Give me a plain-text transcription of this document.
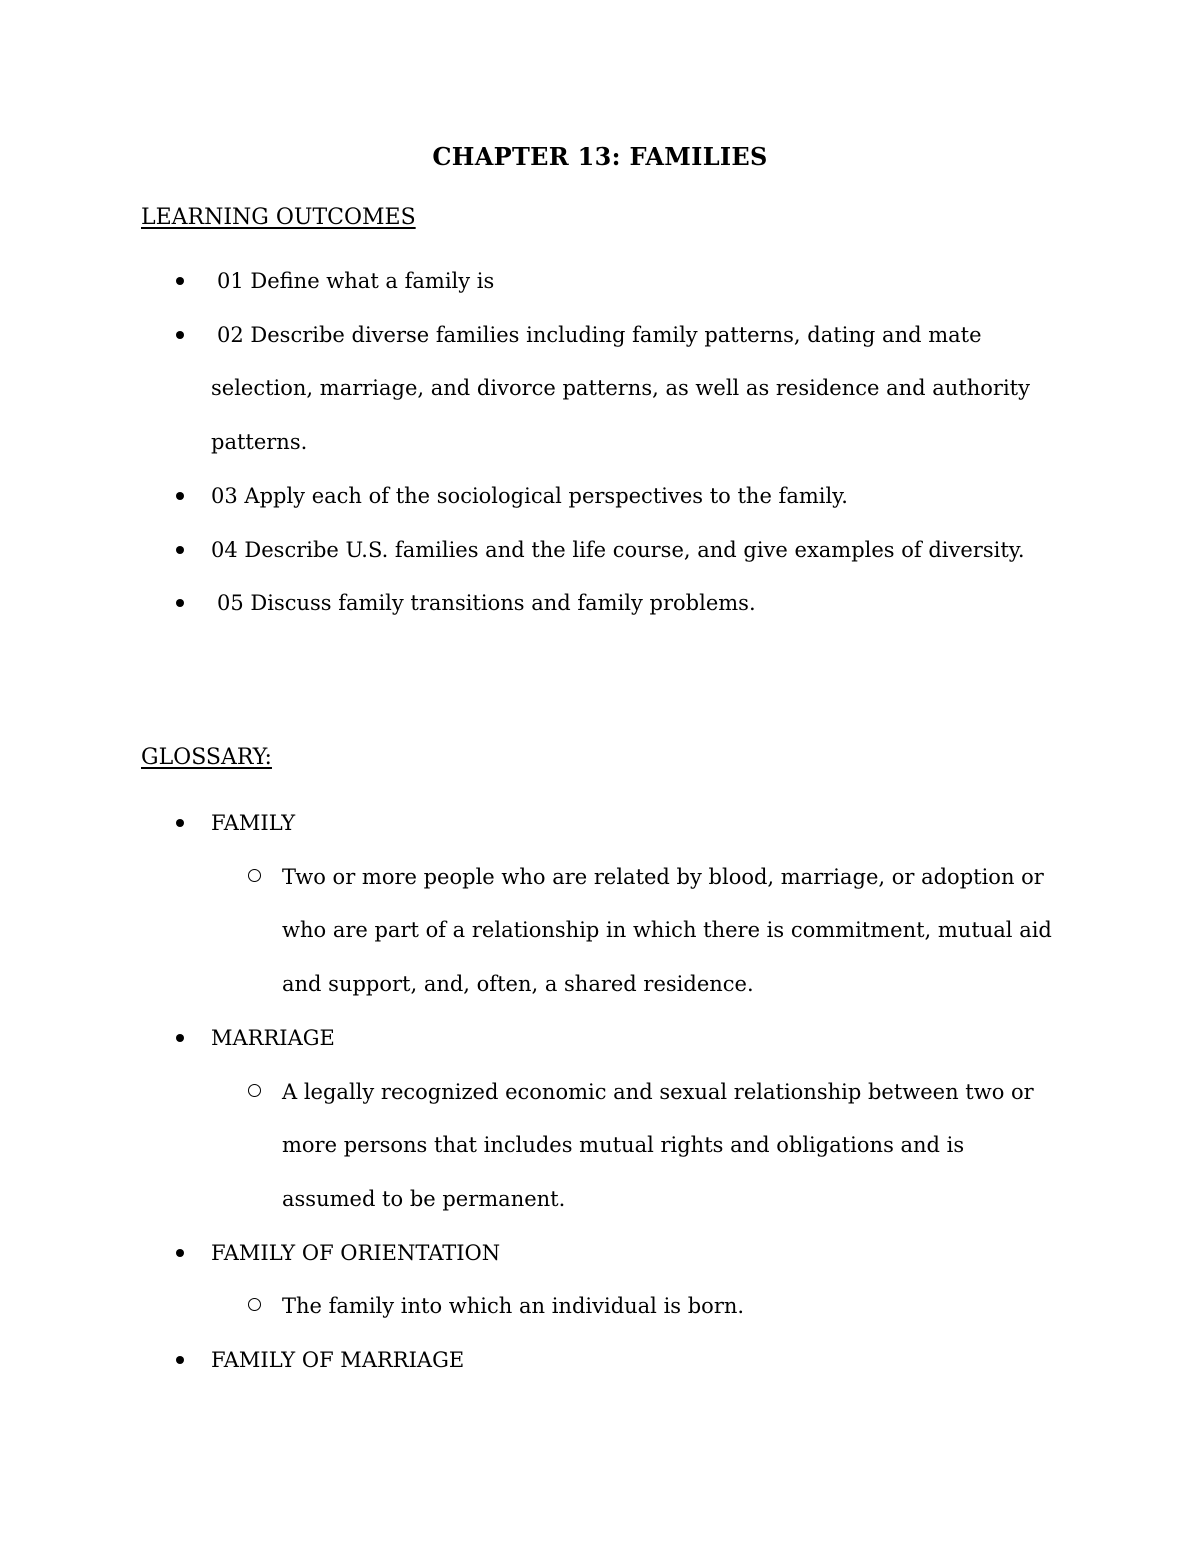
CHAPTER 13: FAMILIES
LEARNING OUTCOMES
01 Define what a family is
02 Describe diverse families including family patterns, dating and mate selection, marriage, and divorce patterns, as well as residence and authority patterns.
03 Apply each of the sociological perspectives to the family.
04 Describe U.S. families and the life course, and give examples of diversity.
05 Discuss family transitions and family problems.
GLOSSARY:
FAMILY
Two or more people who are related by blood, marriage, or adoption or who are part of a relationship in which there is commitment, mutual aid and support, and, often, a shared residence.
MARRIAGE
A legally recognized economic and sexual relationship between two or more persons that includes mutual rights and obligations and is assumed to be permanent.
FAMILY OF ORIENTATION
The family into which an individual is born.
FAMILY OF MARRIAGE
